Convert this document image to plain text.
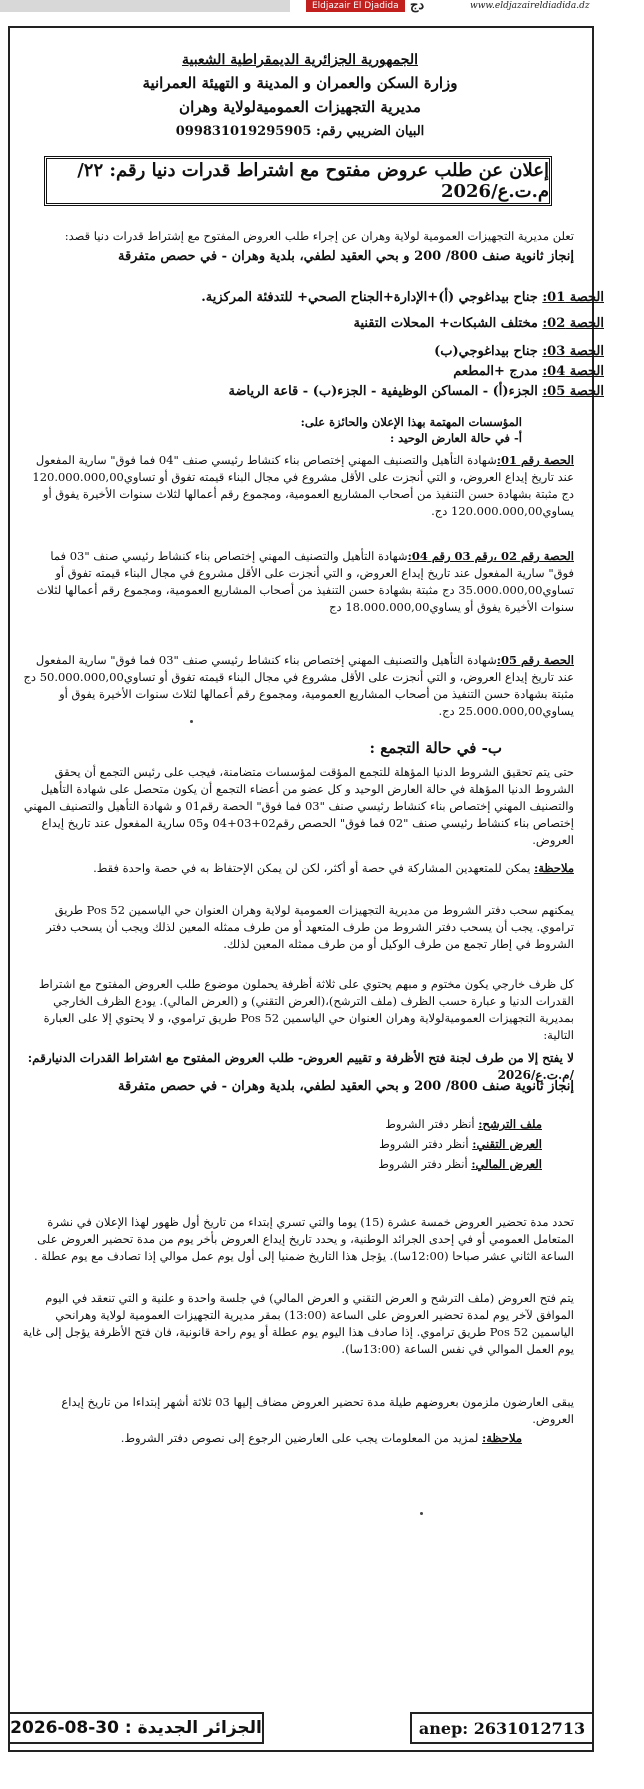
Eldjazair El Djadida دج	www.eldjazaireldiadida.dz
الجمهورية الجزائرية الديمقراطية الشعبية
وزارة السكن والعمران و المدينة و التهيئة العمرانية
مديرية التجهيزات العموميةلولاية وهران
البيان الضريبي رقم: 099831019295905
إعلان عن طلب عروض مفتوح مع اشتراط قدرات دنيا رقم: ٢٢/م.ت.ع/2026
تعلن مديرية التجهيزات العمومية لولاية وهران عن إجراء طلب العروض المفتوح مع إشتراط قدرات دنيا قصد:
إنجاز ثانوية صنف 800/ 200 و بحي العقيد لطفي، بلدية وهران - في حصص متفرقة
الحصة 01: جناح بيداغوجي (أ)+الإدارة+الجناح الصحي+ للتدفئة المركزية.
الحصة 02: مختلف الشبكات+ المحلات التقنية
الحصة 03: جناح بيداغوجي(ب)
الحصة 04: مدرج +المطعم
الحصة 05: الجزء(أ) - المساكن الوظيفية - الجزء(ب) - قاعة الرياضة
المؤسسات المهتمة بهذا الإعلان والحائزة على:
أ- في حالة العارض الوحيد :
الحصة رقم 01:شهادة التأهيل والتصنيف المهني إختصاص بناء كنشاط رئيسي صنف "04 فما فوق" سارية المفعول عند تاريخ إيداع العروض، و التي أنجزت على الأقل مشروع في مجال البناء قيمته تفوق أو تساوي120.000.000,00 دج مثبتة بشهادة حسن التنفيذ من أصحاب المشاريع العمومية، ومجموع رقم أعمالها لثلاث سنوات الأخيرة يفوق أو يساوي120.000.000,00 دج.
الحصة رقم 02 ،رقم 03 رقم 04:شهادة التأهيل والتصنيف المهني إختصاص بناء كنشاط رئيسي صنف "03 فما فوق" سارية المفعول عند تاريخ إيداع العروض، و التي أنجزت على الأقل مشروع في مجال البناء قيمته تفوق أو تساوي35.000.000,00 دج مثبتة بشهادة حسن التنفيذ من أصحاب المشاريع العمومية، ومجموع رقم أعمالها لثلاث سنوات الأخيرة يفوق أو يساوي18.000.000,00 دج
الحصة رقم 05:شهادة التأهيل والتصنيف المهني إختصاص بناء كنشاط رئيسي صنف "03 فما فوق" سارية المفعول عند تاريخ إيداع العروض، و التي أنجزت على الأقل مشروع في مجال البناء قيمته تفوق أو تساوي50.000.000,00 دج مثبتة بشهادة حسن التنفيذ من أصحاب المشاريع العمومية، ومجموع رقم أعمالها لثلاث سنوات الأخيرة يفوق أو يساوي25.000.000,00 دج.
ب- في حالة التجمع :
حتى يتم تحقيق الشروط الدنيا المؤهلة للتجمع المؤقت لمؤسسات متضامنة، فيجب على رئيس التجمع أن يحقق الشروط الدنيا المؤهلة في حالة العارض الوحيد و كل عضو من أعضاء التجمع أن يكون متحصل على شهادة التأهيل والتصنيف المهني إختصاص بناء كنشاط رئيسي صنف "03 فما فوق" الحصة رقم01 و شهادة التأهيل والتصنيف المهني إختصاص بناء كنشاط رئيسي صنف "02 فما فوق" الحصص رقم02+03+04 و05 سارية المفعول عند تاريخ إيداع العروض.
ملاحظة: يمكن للمتعهدين المشاركة في حصة أو أكثر، لكن لن يمكن الإحتفاظ به في حصة واحدة فقط.
يمكنهم سحب دفتر الشروط من مديرية التجهيزات العمومية لولاية وهران العنوان حي الياسمين Pos 52 طريق تراموي. يجب أن يسحب دفتر الشروط من طرف المتعهد أو من طرف ممثله المعين لذلك ويجب أن يسحب دفتر الشروط في إطار تجمع من طرف الوكيل أو من طرف ممثله المعين لذلك.
كل ظرف خارجي يكون مختوم و مبهم يحتوي على ثلاثة أظرفة يحملون موضوع طلب العروض المفتوح مع اشتراط القدرات الدنيا و عبارة حسب الظرف (ملف الترشح)،(العرض التقني) و (العرض المالي). يودع الظرف الخارجي بمديرية التجهيزات العموميةلولاية وهران العنوان حي الياسمين Pos 52 طريق تراموي، و لا يحتوي إلا على العبارة التالية:
لا يفتح إلا من طرف لجنة فتح الأظرفة و تقييم العروض- طلب العروض المفتوح مع اشتراط القدرات الدنيارقم: /م.ت.ع/2026
إنجاز ثانوية صنف 800/ 200 و بحي العقيد لطفي، بلدية وهران - في حصص متفرقة
ملف الترشح: أنظر دفتر الشروط
العرض التقني: أنظر دفتر الشروط
العرض المالي: أنظر دفتر الشروط
تحدد مدة تحضير العروض خمسة عشرة (15) يوما والتي تسري إبتداء من تاريخ أول ظهور لهذا الإعلان في نشرة المتعامل العمومي أو في إحدى الجرائد الوطنية، و يحدد تاريخ إيداع العروض بأخر يوم من مدة تحضير العروض على الساعة الثاني عشر صباحا (12:00سا). يؤجل هذا التاريخ ضمنيا إلى أول يوم عمل موالي إذا تصادف مع يوم عطلة .
يتم فتح العروض (ملف الترشح و العرض التقني و العرض المالي) في جلسة واحدة و علنية و التي تنعقد في اليوم الموافق لآخر يوم لمدة تحضير العروض على الساعة (13:00) بمقر مديرية التجهيزات العمومية لولاية وهرانحي الياسمين Pos 52 طريق تراموي. إذا صادف هذا اليوم يوم عطلة أو يوم راحة قانونية، فان فتح الأظرفة يؤجل إلى غاية يوم العمل الموالي في نفس الساعة (13:00سا).
يبقى العارضون ملزمون بعروضهم طيلة مدة تحضير العروض مضاف إليها 03 ثلاثة أشهر إبتداءا من تاريخ إيداع العروض.
ملاحظة: لمزيد من المعلومات يجب على العارضين الرجوع إلى نصوص دفتر الشروط.
الجزائر الجديدة : 30-08-2026	anep: 2631012713
